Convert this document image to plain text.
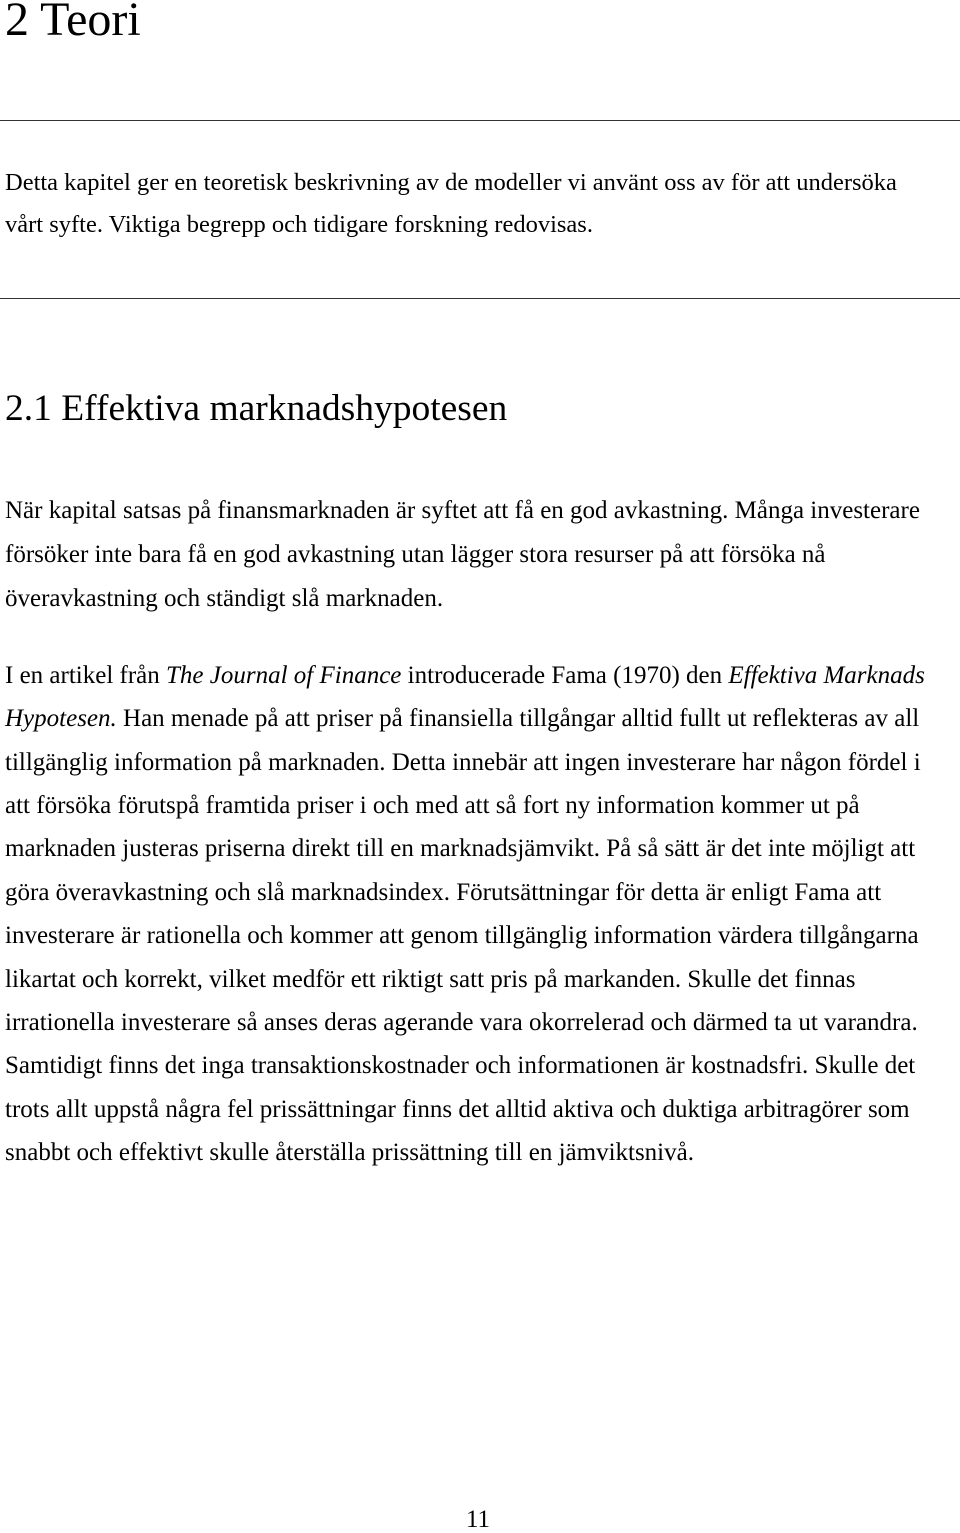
2 Teori
Detta kapitel ger en teoretisk beskrivning av de modeller vi använt oss av för att undersöka
vårt syfte. Viktiga begrepp och tidigare forskning redovisas.
2.1 Effektiva marknadshypotesen
När kapital satsas på finansmarknaden är syftet att få en god avkastning. Många investerare
försöker inte bara få en god avkastning utan lägger stora resurser på att försöka nå
överavkastning och ständigt slå marknaden.
I en artikel från The Journal of Finance introducerade Fama (1970) den Effektiva Marknads
Hypotesen. Han menade på att priser på finansiella tillgångar alltid fullt ut reflekteras av all
tillgänglig information på marknaden. Detta innebär att ingen investerare har någon fördel i
att försöka förutspå framtida priser i och med att så fort ny information kommer ut på
marknaden justeras priserna direkt till en marknadsjämvikt. På så sätt är det inte möjligt att
göra överavkastning och slå marknadsindex. Förutsättningar för detta är enligt Fama att
investerare är rationella och kommer att genom tillgänglig information värdera tillgångarna
likartat och korrekt, vilket medför ett riktigt satt pris på markanden. Skulle det finnas
irrationella investerare så anses deras agerande vara okorrelerad och därmed ta ut varandra.
Samtidigt finns det inga transaktionskostnader och informationen är kostnadsfri. Skulle det
trots allt uppstå några fel prissättningar finns det alltid aktiva och duktiga arbitragörer som
snabbt och effektivt skulle återställa prissättning till en jämviktsnivå.
11
